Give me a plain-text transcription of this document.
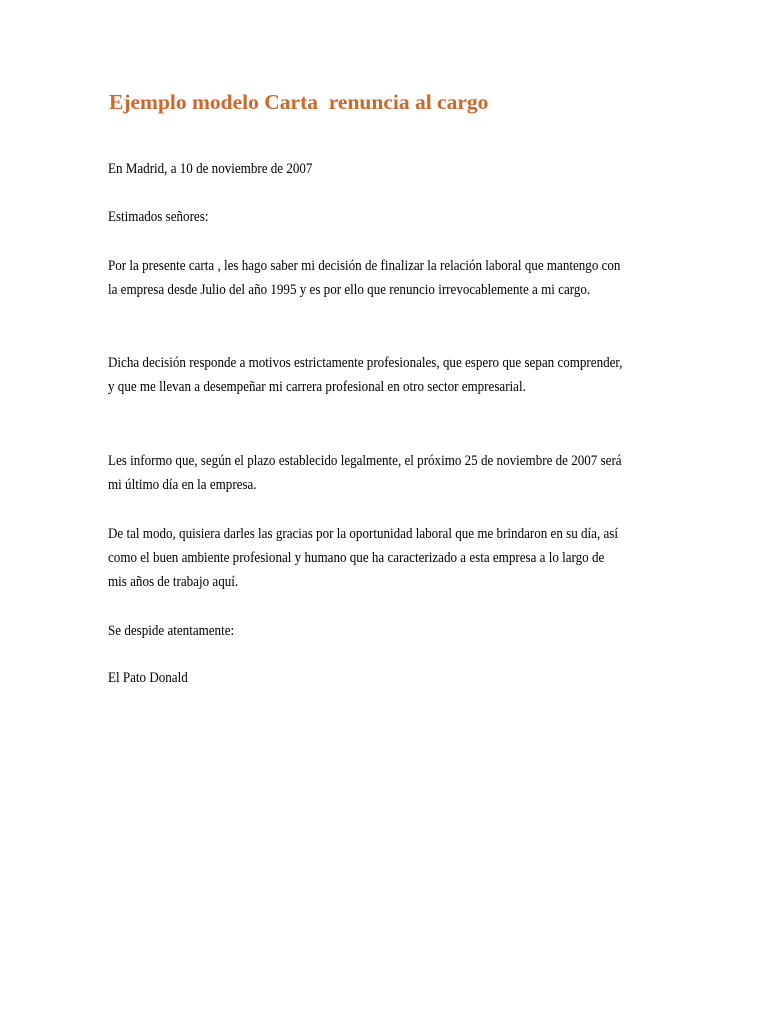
Ejemplo modelo Carta  renuncia al cargo

En Madrid, a 10 de noviembre de 2007

Estimados señores:

Por la presente carta , les hago saber mi decisión de finalizar la relación laboral que mantengo con la empresa desde Julio del año 1995 y es por ello que renuncio irrevocablemente a mi cargo.

Dicha decisión responde a motivos estrictamente profesionales, que espero que sepan comprender, y que me llevan a desempeñar mi carrera profesional en otro sector empresarial.

Les informo que, según el plazo establecido legalmente, el próximo 25 de noviembre de 2007 será mi último día en la empresa.

De tal modo, quisiera darles las gracias por la oportunidad laboral que me brindaron en su día, así como el buen ambiente profesional y humano que ha caracterizado a esta empresa a lo largo de mis años de trabajo aquí.

Se despide atentamente:

El Pato Donald
